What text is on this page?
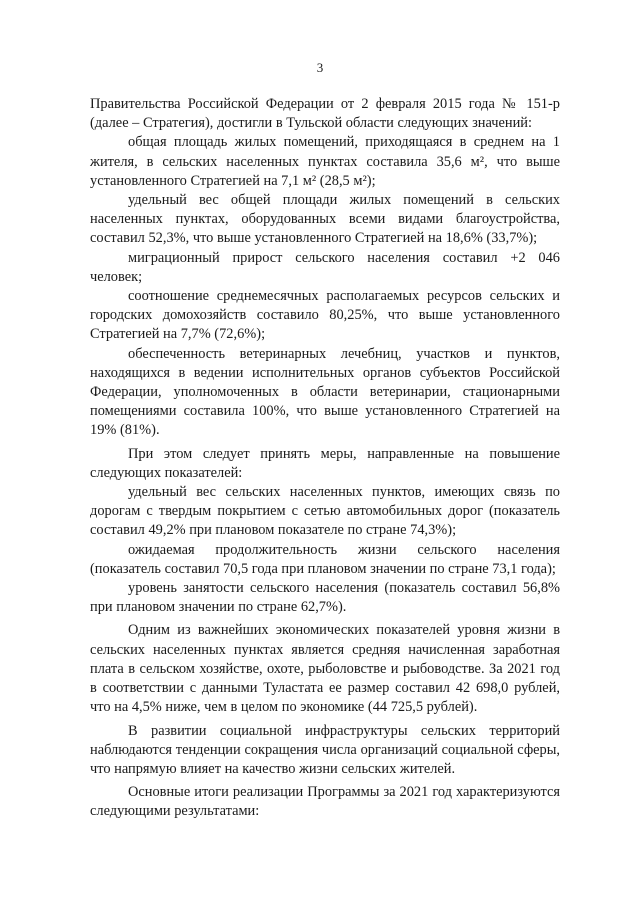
3

Правительства Российской Федерации от 2 февраля 2015 года № 151-р (далее – Стратегия), достигли в Тульской области следующих значений:

общая площадь жилых помещений, приходящаяся в среднем на 1 жителя, в сельских населенных пунктах составила 35,6 м², что выше установленного Стратегией на 7,1 м² (28,5 м²);

удельный вес общей площади жилых помещений в сельских населенных пунктах, оборудованных всеми видами благоустройства, составил 52,3%, что выше установленного Стратегией на 18,6% (33,7%);

миграционный прирост сельского населения составил +2 046 человек;

соотношение среднемесячных располагаемых ресурсов сельских и городских домохозяйств составило 80,25%, что выше установленного Стратегией на 7,7% (72,6%);

обеспеченность ветеринарных лечебниц, участков и пунктов, находящихся в ведении исполнительных органов субъектов Российской Федерации, уполномоченных в области ветеринарии, стационарными помещениями составила 100%, что выше установленного Стратегией на 19% (81%).

При этом следует принять меры, направленные на повышение следующих показателей:

удельный вес сельских населенных пунктов, имеющих связь по дорогам с твердым покрытием с сетью автомобильных дорог (показатель составил 49,2% при плановом показателе по стране 74,3%);

ожидаемая продолжительность жизни сельского населения (показатель составил 70,5 года при плановом значении по стране 73,1 года);

уровень занятости сельского населения (показатель составил 56,8% при плановом значении по стране 62,7%).

Одним из важнейших экономических показателей уровня жизни в сельских населенных пунктах является средняя начисленная заработная плата в сельском хозяйстве, охоте, рыболовстве и рыбоводстве. За 2021 год в соответствии с данными Туластата ее размер составил 42 698,0 рублей, что на 4,5% ниже, чем в целом по экономике (44 725,5 рублей).

В развитии социальной инфраструктуры сельских территорий наблюдаются тенденции сокращения числа организаций социальной сферы, что напрямую влияет на качество жизни сельских жителей.

Основные итоги реализации Программы за 2021 год характеризуются следующими результатами:
